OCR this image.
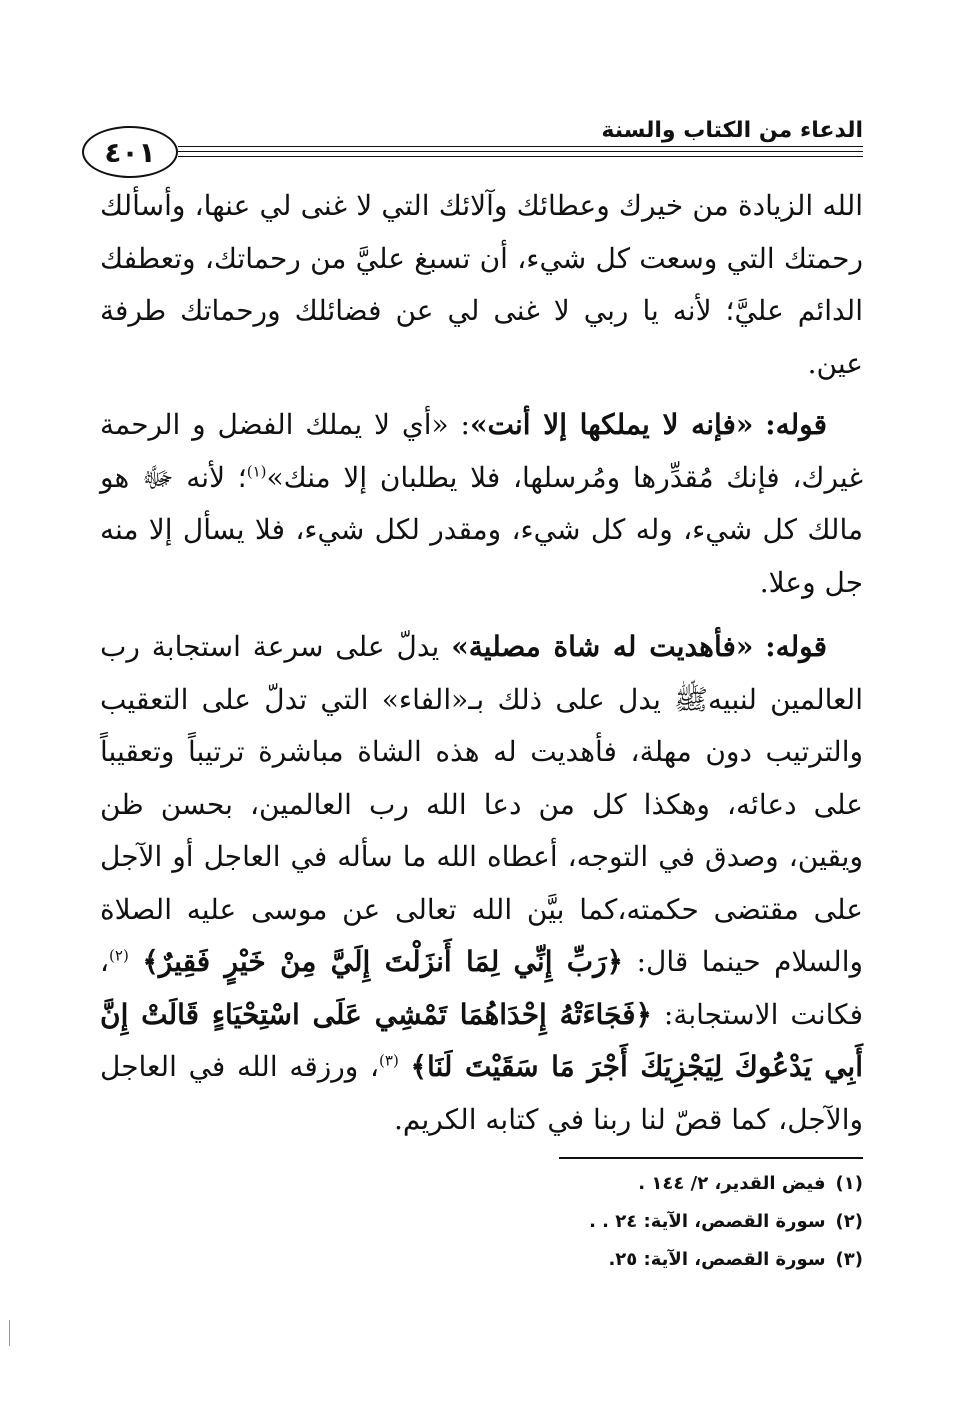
الدعاء من الكتاب والسنة
٤٠١

الله الزيادة من خيرك وعطائك وآلائك التي لا غنى لي عنها، وأسألك رحمتك التي وسعت كل شيء، أن تسبغ عليَّ من رحماتك، وتعطفك الدائم عليَّ؛ لأنه يا ربي لا غنى لي عن فضائلك ورحماتك طرفة عين.

قوله: «فإنه لا يملكها إلا أنت»: «أي لا يملك الفضل و الرحمة غيرك، فإنك مُقدِّرها ومُرسلها، فلا يطلبان إلا منك»$^{(١)}$؛ لأنه ﷻ هو مالك كل شيء، وله كل شيء، ومقدر لكل شيء، فلا يسأل إلا منه جل وعلا.

قوله: «فأهديت له شاة مصلية» يدلّ على سرعة استجابة رب العالمين لنبيهﷺ يدل على ذلك بـ«الفاء» التي تدلّ على التعقيب والترتيب دون مهلة، فأهديت له هذه الشاة مباشرة ترتيباً وتعقيباً على دعائه، وهكذا كل من دعا الله رب العالمين، بحسن ظن ويقين، وصدق في التوجه، أعطاه الله ما سأله في العاجل أو الآجل على مقتضى حكمته،كما بيَّن الله تعالى عن موسى عليه الصلاة والسلام حينما قال: ﴿رَبِّ إِنِّي لِمَا أَنزَلْتَ إِلَيَّ مِنْ خَيْرٍ فَقِيرٌ﴾ $^{(٢)}$، فكانت الاستجابة: ﴿فَجَاءَتْهُ إِحْدَاهُمَا تَمْشِي عَلَى اسْتِحْيَاءٍ قَالَتْ إِنَّ أَبِي يَدْعُوكَ لِيَجْزِيَكَ أَجْرَ مَا سَقَيْتَ لَنَا﴾ $^{(٣)}$، ورزقه الله في العاجل والآجل، كما قصّ لنا ربنا في كتابه الكريم.

(١)فيض القدير، ٢/ ١٤٤ .
(٢)سورة القصص، الآية: ٢٤ . .
(٣)سورة القصص، الآية: ٢٥.
